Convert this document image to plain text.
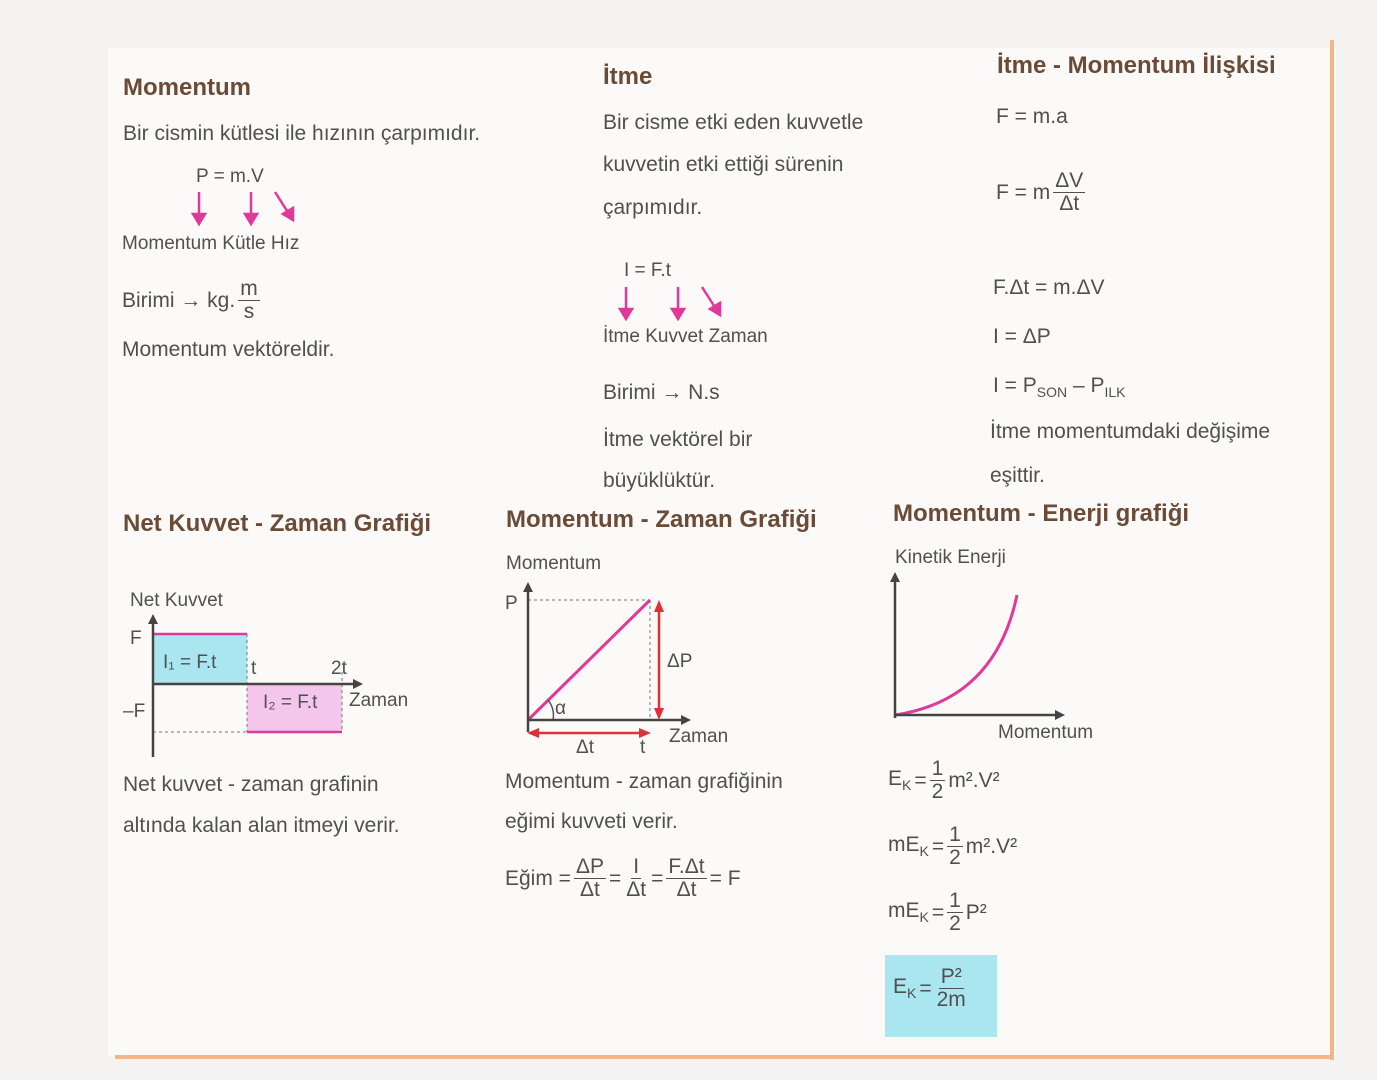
Momentum
Bir cismin kütlesi ile hızının çarpımıdır.
P = m.V
Momentum Kütle Hız
Birimi → kg. $\frac{m}{s}$
Momentum vektöreldir.
İtme
Bir cisme etki eden kuvvetle
kuvvetin etki ettiği sürenin
çarpımıdır.
I = F.t
İtme Kuvvet Zaman
Birimi → N.s
İtme vektörel bir
büyüklüktür.
İtme - Momentum İlişkisi
F = m.a
F = m $\frac{\Delta V}{\Delta t}$
F.Δt = m.ΔV
I = ΔP
$I = P_{SON} - P_{ILK}$
İtme momentumdaki değişime
eşittir.
Net Kuvvet - Zaman Grafiği
Net Kuvvet
F
–F
I₁ = F.t t	2t
I₂ = F.t Zaman
Net kuvvet - zaman grafinin
altında kalan alan itmeyi verir.
Momentum - Zaman Grafiği
Momentum
P
ΔP
α
Δt t
Zaman
Momentum - zaman grafiğinin
eğimi kuvveti verir.
Eğim = $\frac{\Delta P}{\Delta t} = \frac{I}{\Delta t} = \frac{F.\Delta t}{\Delta t} = F$
Momentum - Enerji grafiği
Kinetik Enerji
Momentum
$E_K = \frac{1}{2} m^2.V^2$
$mE_K = \frac{1}{2} m^2.V^2$
$mE_K = \frac{1}{2} P^2$
$E_K = \frac{\text{P²}}{2m}$
